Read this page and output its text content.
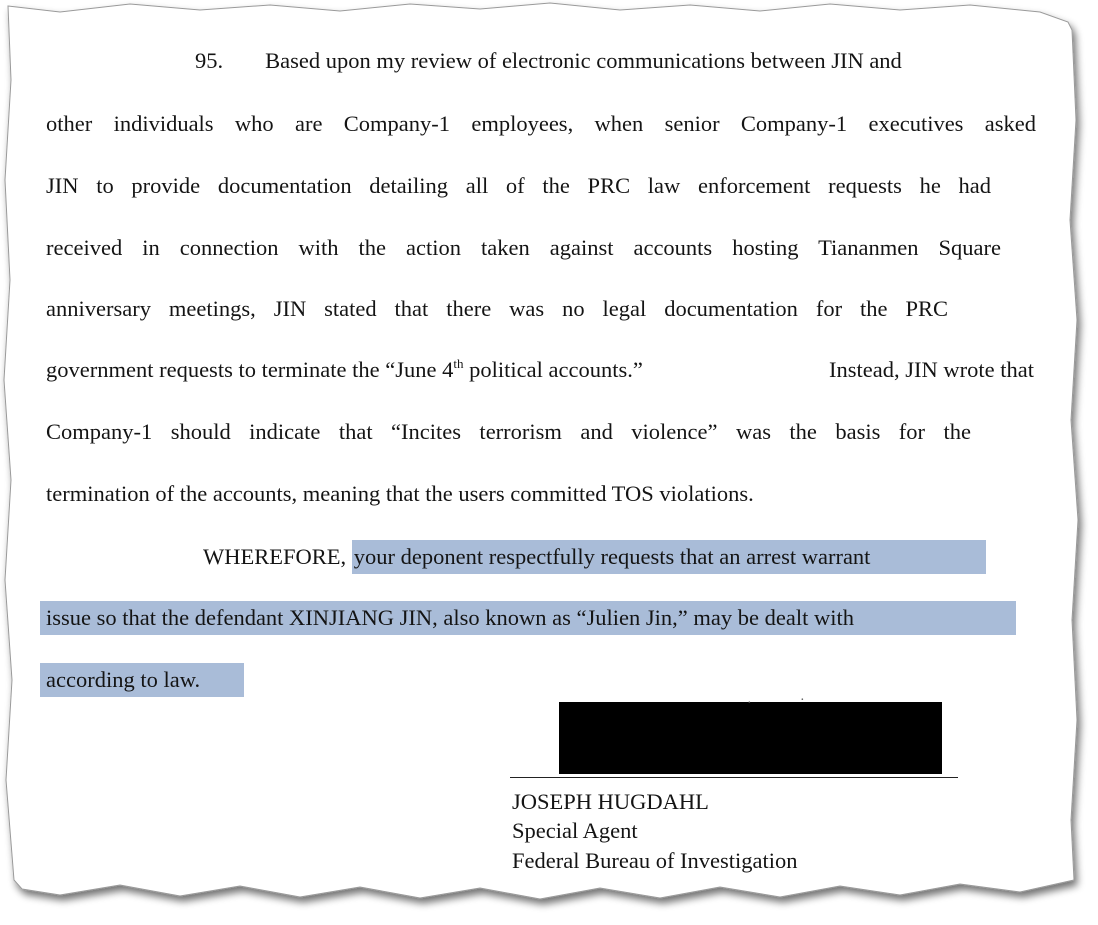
95. Based upon my review of electronic communications between JIN and
other individuals who are Company-1 employees, when senior Company-1 executives asked
JIN to provide documentation detailing all of the PRC law enforcement requests he had
received in connection with the action taken against accounts hosting Tiananmen Square
anniversary meetings, JIN stated that there was no legal documentation for the PRC
government requests to terminate the “June 4th political accounts.”	Instead, JIN wrote that
Company-1 should indicate that “Incites terrorism and violence” was the basis for the
termination of the accounts, meaning that the users committed TOS violations.
WHEREFORE, your deponent respectfully requests that an arrest warrant
issue so that the defendant XINJIANG JIN, also known as “Julien Jin,” may be dealt with
according to law.
·	·
JOSEPH HUGDAHL
Special Agent
Federal Bureau of Investigation
